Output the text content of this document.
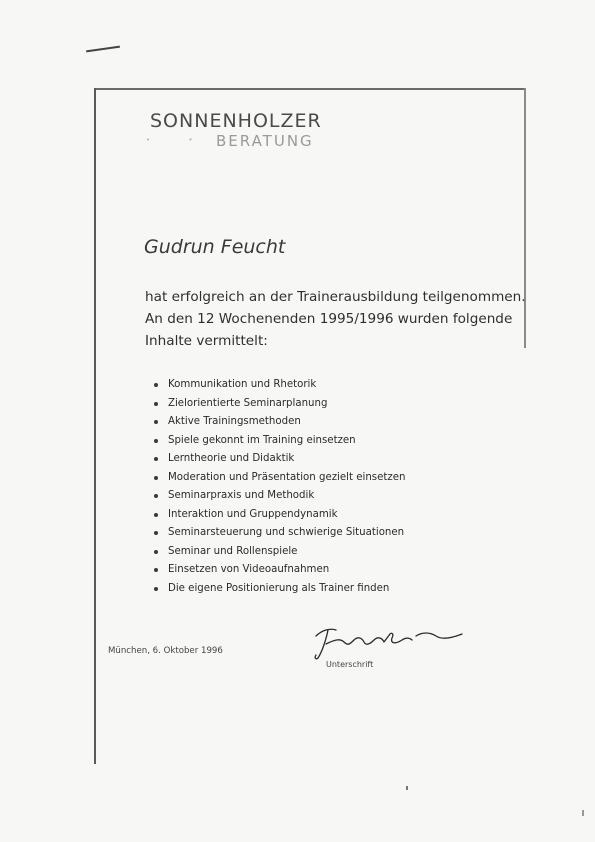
SONNENHOLZER
BERATUNG
˅ ˅
Gudrun Feucht
hat erfolgreich an der Trainerausbildung teilgenommen.
An den 12 Wochenenden 1995/1996 wurden folgende
Inhalte vermittelt:
Kommunikation und Rhetorik
Zielorientierte Seminarplanung
Aktive Trainingsmethoden
Spiele gekonnt im Training einsetzen
Lerntheorie und Didaktik
Moderation und Präsentation gezielt einsetzen
Seminarpraxis und Methodik
Interaktion und Gruppendynamik
Seminarsteuerung und schwierige Situationen
Seminar und Rollenspiele
Einsetzen von Videoaufnahmen
Die eigene Positionierung als Trainer finden
München, 6. Oktober 1996
Unterschrift
